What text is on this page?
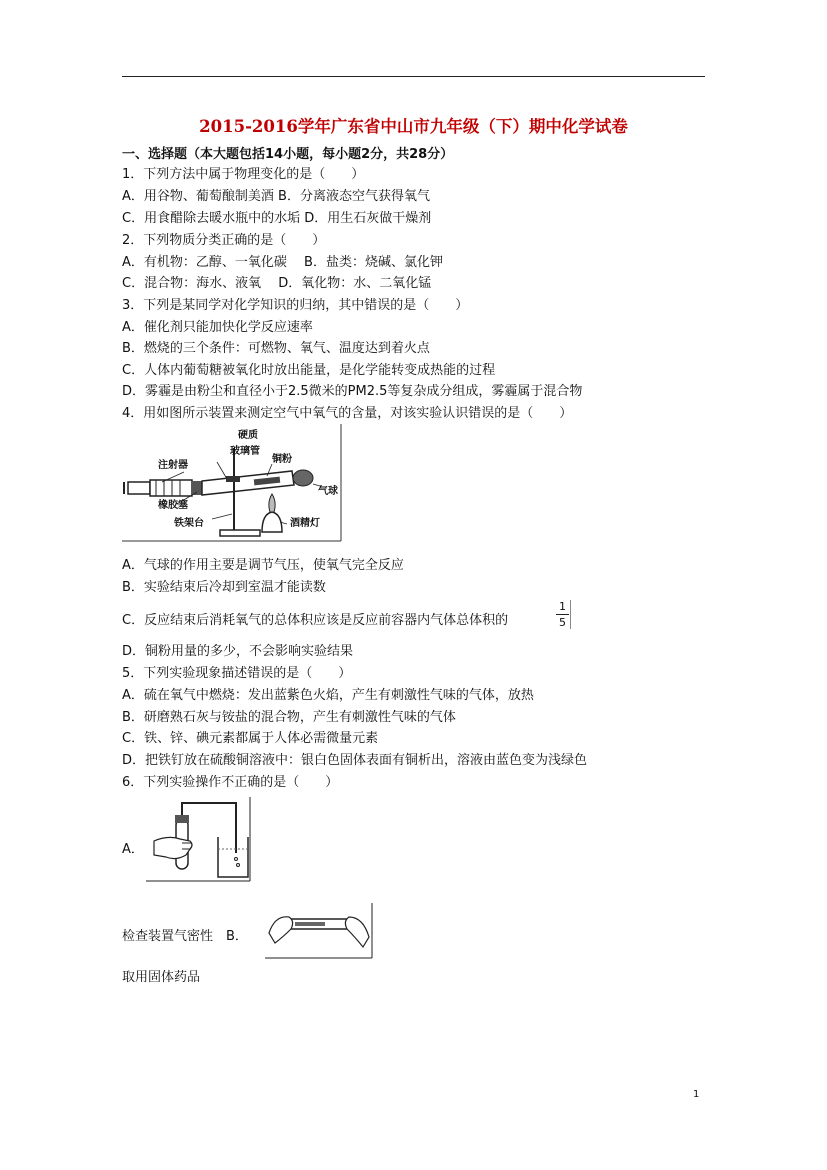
2015-2016学年广东省中山市九年级（下）期中化学试卷
一、选择题（本大题包括14小题，每小题2分，共28分）
1．下列方法中属于物理变化的是（　　）
A．用谷物、葡萄酿制美酒 B．分离液态空气获得氧气
C．用食醋除去暖水瓶中的水垢 D．用生石灰做干燥剂
2．下列物质分类正确的是（　　）
A．有机物：乙醇、一氧化碳　 B．盐类：烧碱、氯化钾
C．混合物：海水、液氧　 D．氧化物：水、二氧化锰
3．下列是某同学对化学知识的归纳，其中错误的是（　　）
A．催化剂只能加快化学反应速率
B．燃烧的三个条件：可燃物、氧气、温度达到着火点
C．人体内葡萄糖被氧化时放出能量，是化学能转变成热能的过程
D．雾霾是由粉尘和直径小于2.5微米的PM2.5等复杂成分组成，雾霾属于混合物
4．用如图所示装置来测定空气中氧气的含量，对该实验认识错误的是（　　）
硬质
玻璃管
铜粉
注射器
气球
橡胶塞
铁架台	酒精灯
A．气球的作用主要是调节气压，使氧气完全反应
B．实验结束后冷却到室温才能读数
C．反应结束后消耗氧气的总体积应该是反应前容器内气体总体积的
1
5
D．铜粉用量的多少，不会影响实验结果
5．下列实验现象描述错误的是（　　）
A．硫在氧气中燃烧：发出蓝紫色火焰，产生有刺激性气味的气体，放热
B．研磨熟石灰与铵盐的混合物，产生有刺激性气味的气体
C．铁、锌、碘元素都属于人体必需微量元素
D．把铁钉放在硫酸铜溶液中：银白色固体表面有铜析出，溶液由蓝色变为浅绿色
6．下列实验操作不正确的是（　　）
A．
检查装置气密性　B．
取用固体药品
1
